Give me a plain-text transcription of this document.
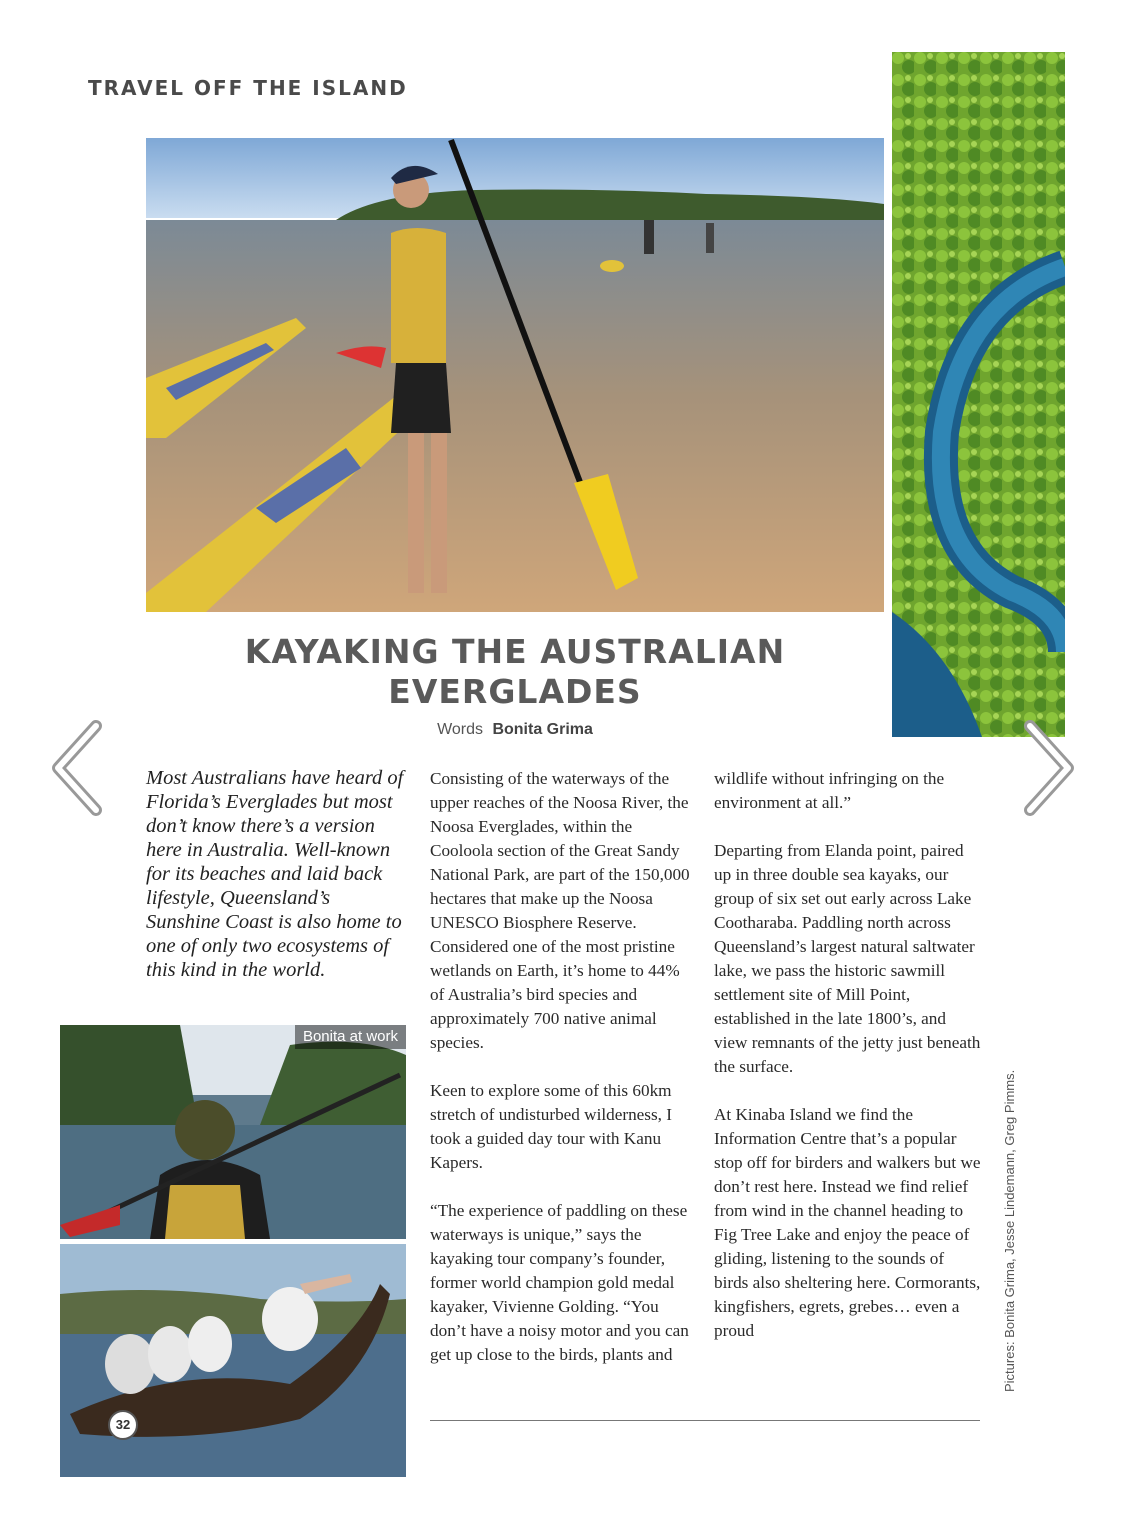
TRAVEL OFF THE ISLAND
KAYAKING THE AUSTRALIAN
EVERGLADES
Words Bonita Grima
Most Australians have heard of Florida’s Everglades but most don’t know there’s a version here in Australia. Well-known for its beaches and laid back lifestyle, Queensland’s Sunshine Coast is also home to one of only two ecosystems of this kind in the world.

Consisting of the waterways of the upper reaches of the Noosa River, the Noosa Everglades, within the Cooloola section of the Great Sandy National Park, are part of the 150,000 hectares that make up the Noosa UNESCO Biosphere Reserve. Considered one of the most pristine wetlands on Earth, it’s home to 44% of Australia’s bird species and approximately 700 native animal species.

Keen to explore some of this 60km stretch of undisturbed wilderness, I took a guided day tour with Kanu Kapers.

“The experience of paddling on these waterways is unique,” says the kayaking tour company’s founder, former world champion gold medal kayaker, Vivienne Golding. “You don’t have a noisy motor and you can get up close to the birds, plants and

wildlife without infringing on the environment at all.”

Departing from Elanda point, paired up in three double sea kayaks, our group of six set out early across Lake Cootharaba. Paddling north across Queensland’s largest natural saltwater lake, we pass the historic sawmill settlement site of Mill Point, established in the late 1800’s, and view remnants of the jetty just beneath the surface.

At Kinaba Island we find the Information Centre that’s a popular stop off for birders and walkers but we don’t rest here. Instead we find relief from wind in the channel heading to Fig Tree Lake and enjoy the peace of gliding, listening to the sounds of birds also sheltering here. Cormorants, kingfishers, egrets, grebes… even a proud

Bonita at work
32
Pictures: Bonita Grima, Jesse Lindemann, Greg Pimms.
